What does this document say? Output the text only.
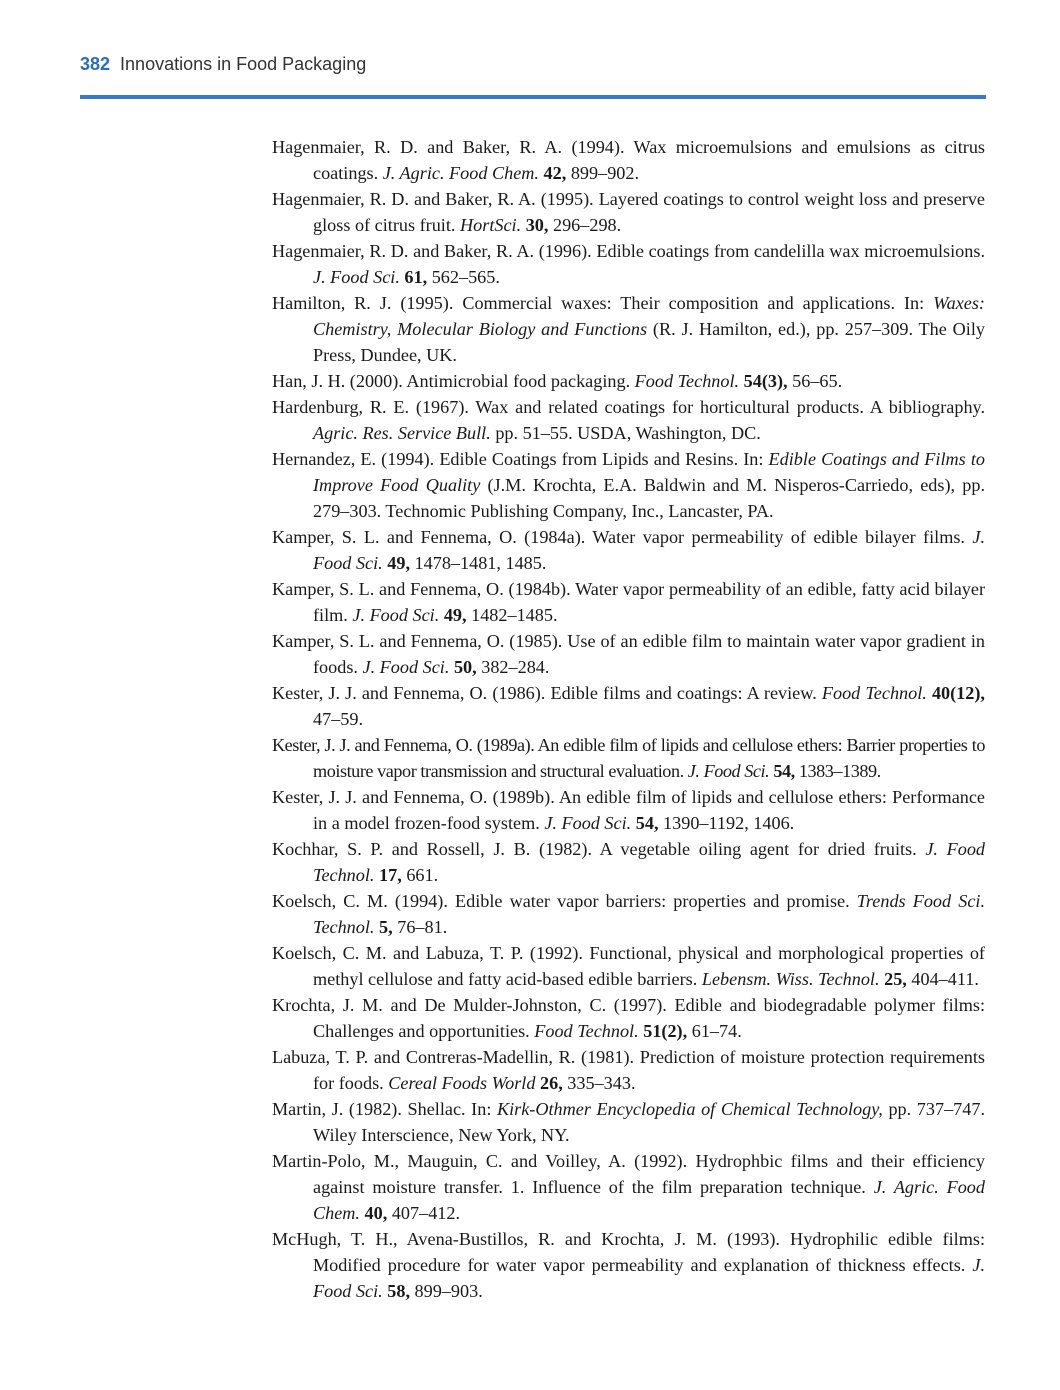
382 Innovations in Food Packaging
Hagenmaier, R. D. and Baker, R. A. (1994). Wax microemulsions and emulsions as citrus coatings. J. Agric. Food Chem. 42, 899–902.
Hagenmaier, R. D. and Baker, R. A. (1995). Layered coatings to control weight loss and preserve gloss of citrus fruit. HortSci. 30, 296–298.
Hagenmaier, R. D. and Baker, R. A. (1996). Edible coatings from candelilla wax microemulsions. J. Food Sci. 61, 562–565.
Hamilton, R. J. (1995). Commercial waxes: Their composition and applications. In: Waxes: Chemistry, Molecular Biology and Functions (R. J. Hamilton, ed.), pp. 257–309. The Oily Press, Dundee, UK.
Han, J. H. (2000). Antimicrobial food packaging. Food Technol. 54(3), 56–65.
Hardenburg, R. E. (1967). Wax and related coatings for horticultural products. A bibliography. Agric. Res. Service Bull. pp. 51–55. USDA, Washington, DC.
Hernandez, E. (1994). Edible Coatings from Lipids and Resins. In: Edible Coatings and Films to Improve Food Quality (J.M. Krochta, E.A. Baldwin and M. Nisperos-Carriedo, eds), pp. 279–303. Technomic Publishing Company, Inc., Lancaster, PA.
Kamper, S. L. and Fennema, O. (1984a). Water vapor permeability of edible bilayer films. J. Food Sci. 49, 1478–1481, 1485.
Kamper, S. L. and Fennema, O. (1984b). Water vapor permeability of an edible, fatty acid bilayer film. J. Food Sci. 49, 1482–1485.
Kamper, S. L. and Fennema, O. (1985). Use of an edible film to maintain water vapor gradient in foods. J. Food Sci. 50, 382–284.
Kester, J. J. and Fennema, O. (1986). Edible films and coatings: A review. Food Technol. 40(12), 47–59.
Kester, J. J. and Fennema, O. (1989a). An edible film of lipids and cellulose ethers: Barrier properties to moisture vapor transmission and structural evaluation. J. Food Sci. 54, 1383–1389.
Kester, J. J. and Fennema, O. (1989b). An edible film of lipids and cellulose ethers: Performance in a model frozen-food system. J. Food Sci. 54, 1390–1192, 1406.
Kochhar, S. P. and Rossell, J. B. (1982). A vegetable oiling agent for dried fruits. J. Food Technol. 17, 661.
Koelsch, C. M. (1994). Edible water vapor barriers: properties and promise. Trends Food Sci. Technol. 5, 76–81.
Koelsch, C. M. and Labuza, T. P. (1992). Functional, physical and morphological properties of methyl cellulose and fatty acid-based edible barriers. Lebensm. Wiss. Technol. 25, 404–411.
Krochta, J. M. and De Mulder-Johnston, C. (1997). Edible and biodegradable polymer films: Challenges and opportunities. Food Technol. 51(2), 61–74.
Labuza, T. P. and Contreras-Madellin, R. (1981). Prediction of moisture protection requirements for foods. Cereal Foods World 26, 335–343.
Martin, J. (1982). Shellac. In: Kirk-Othmer Encyclopedia of Chemical Technology, pp. 737–747. Wiley Interscience, New York, NY.
Martin-Polo, M., Mauguin, C. and Voilley, A. (1992). Hydrophbic films and their efficiency against moisture transfer. 1. Influence of the film preparation technique. J. Agric. Food Chem. 40, 407–412.
McHugh, T. H., Avena-Bustillos, R. and Krochta, J. M. (1993). Hydrophilic edible films: Modified procedure for water vapor permeability and explanation of thickness effects. J. Food Sci. 58, 899–903.
